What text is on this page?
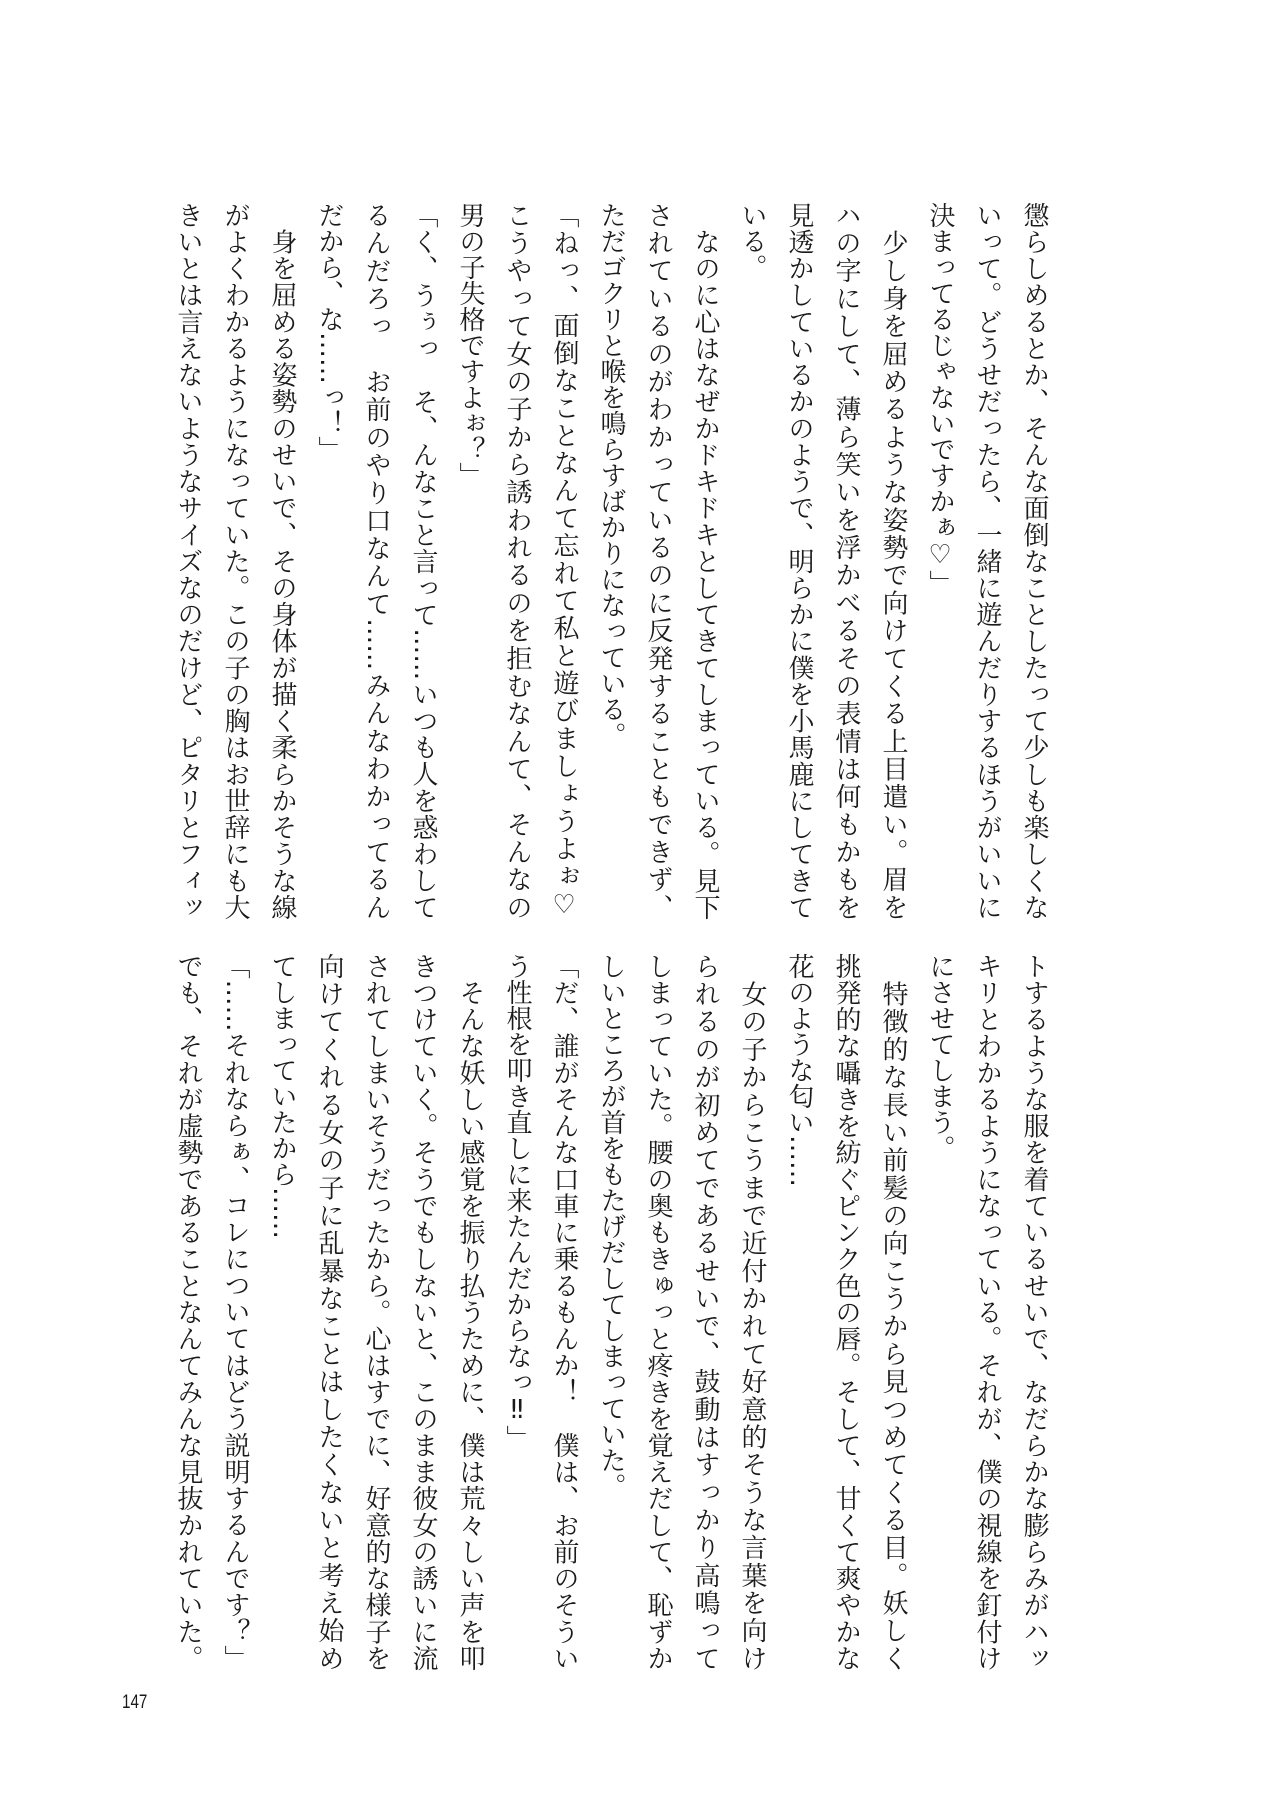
懲らしめるとか、そんな面倒なことしたって少しも楽しくな
いって。どうせだったら、一緒に遊んだりするほうがいいに
決まってるじゃないですかぁ♡」
　少し身を屈めるような姿勢で向けてくる上目遣い。眉を
ハの字にして、薄ら笑いを浮かべるその表情は何もかもを
見透かしているかのようで、明らかに僕を小馬鹿にしてきて
いる。
　なのに心はなぜかドキドキとしてきてしまっている。見下
されているのがわかっているのに反発することもできず、
ただゴクリと喉を鳴らすばかりになっている。
「ねっ、面倒なことなんて忘れて私と遊びましょうよぉ♡
こうやって女の子から誘われるのを拒むなんて、そんなの
男の子失格ですよぉ？」
「く、うぅっ　そ、んなこと言って……いつも人を惑わして
るんだろっ　お前のやり口なんて……みんなわかってるん
だから、な……っ！」
　身を屈める姿勢のせいで、その身体が描く柔らかそうな線
がよくわかるようになっていた。この子の胸はお世辞にも大
きいとは言えないようなサイズなのだけど、ピタリとフィッ
トするような服を着ているせいで、なだらかな膨らみがハッ
キリとわかるようになっている。それが、僕の視線を釘付け
にさせてしまう。
　特徴的な長い前髪の向こうから見つめてくる目。妖しく
挑発的な囁きを紡ぐピンク色の唇。そして、甘くて爽やかな
花のような匂い……
　女の子からこうまで近付かれて好意的そうな言葉を向け
られるのが初めてであるせいで、鼓動はすっかり高鳴って
しまっていた。腰の奥もきゅっと疼きを覚えだして、恥ずか
しいところが首をもたげだしてしまっていた。
「だ、誰がそんな口車に乗るもんか！　僕は、お前のそうい
う性根を叩き直しに来たんだからなっ‼」
　そんな妖しい感覚を振り払うために、僕は荒々しい声を叩
きつけていく。そうでもしないと、このまま彼女の誘いに流
されてしまいそうだったから。心はすでに、好意的な様子を
向けてくれる女の子に乱暴なことはしたくないと考え始め
てしまっていたから……
「……それならぁ、コレについてはどう説明するんです？」
でも、それが虚勢であることなんてみんな見抜かれていた。
147
